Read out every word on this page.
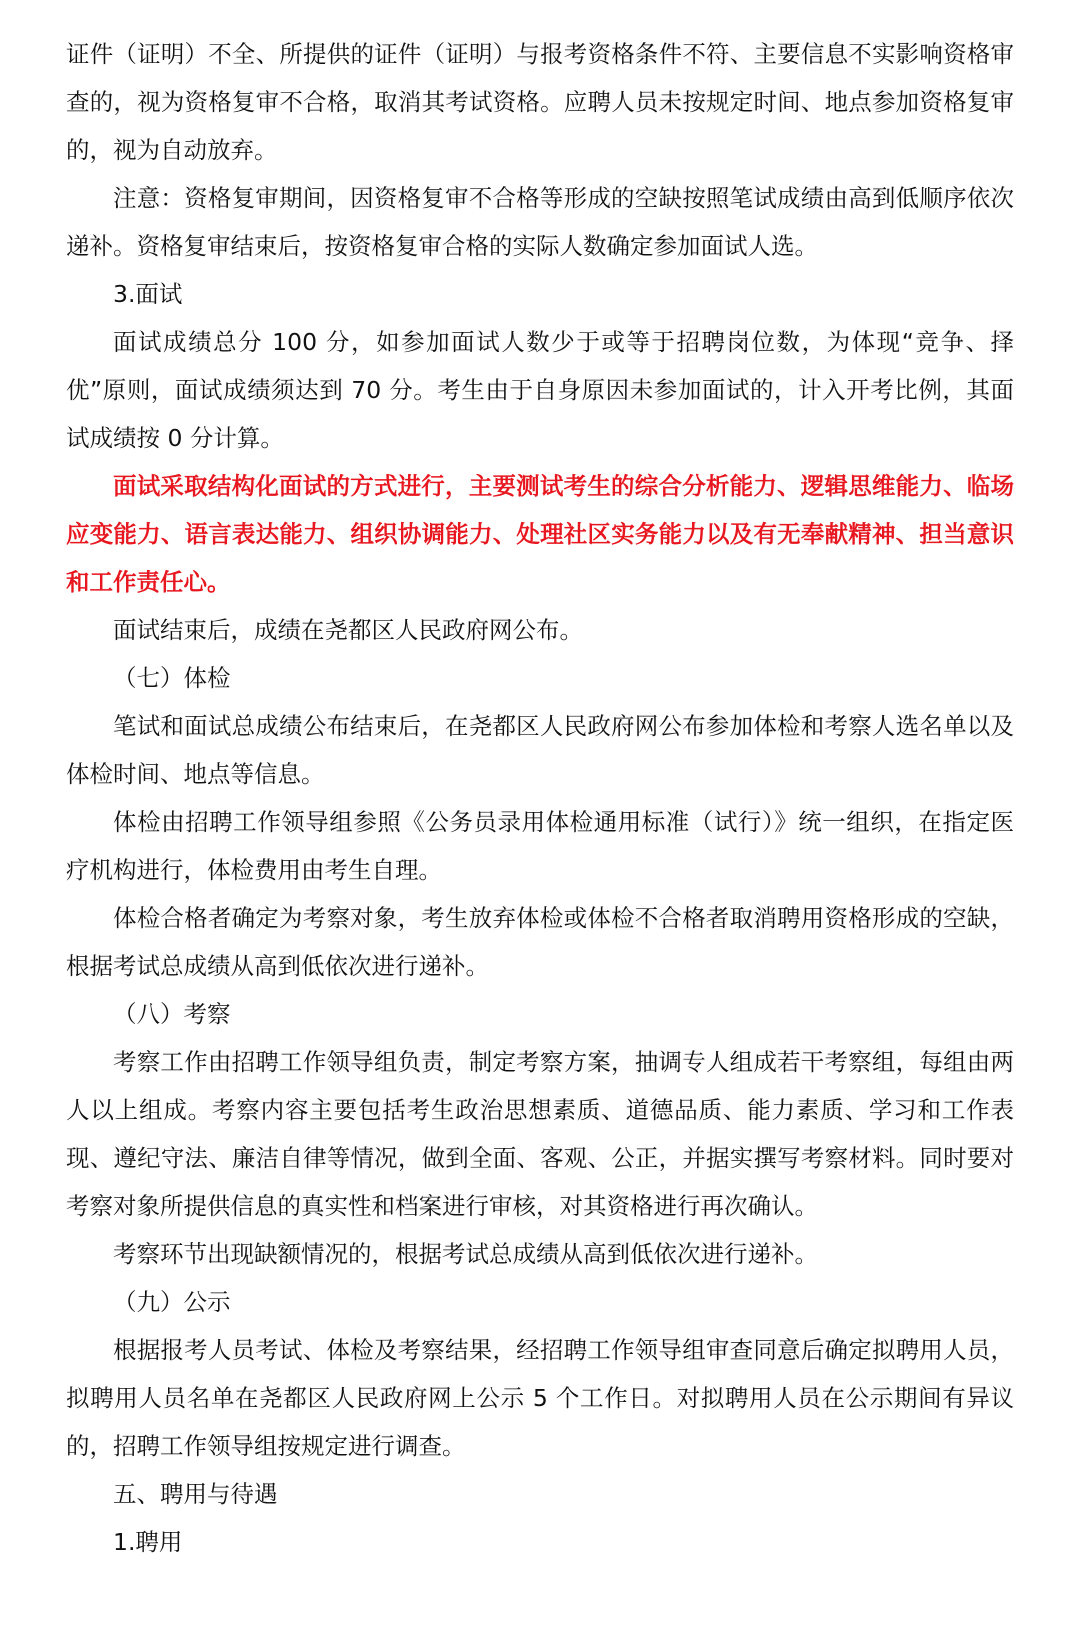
证件（证明）不全、所提供的证件（证明）与报考资格条件不符、主要信息不实影响资格审查的，视为资格复审不合格，取消其考试资格。应聘人员未按规定时间、地点参加资格复审的，视为自动放弃。

注意：资格复审期间，因资格复审不合格等形成的空缺按照笔试成绩由高到低顺序依次递补。资格复审结束后，按资格复审合格的实际人数确定参加面试人选。

3.面试

面试成绩总分 100 分，如参加面试人数少于或等于招聘岗位数，为体现“竞争、择优”原则，面试成绩须达到 70 分。考生由于自身原因未参加面试的，计入开考比例，其面试成绩按 0 分计算。

面试采取结构化面试的方式进行，主要测试考生的综合分析能力、逻辑思维能力、临场应变能力、语言表达能力、组织协调能力、处理社区实务能力以及有无奉献精神、担当意识和工作责任心。

面试结束后，成绩在尧都区人民政府网公布。

（七）体检

笔试和面试总成绩公布结束后，在尧都区人民政府网公布参加体检和考察人选名单以及体检时间、地点等信息。

体检由招聘工作领导组参照《公务员录用体检通用标准（试行）》统一组织，在指定医疗机构进行，体检费用由考生自理。

体检合格者确定为考察对象，考生放弃体检或体检不合格者取消聘用资格形成的空缺，根据考试总成绩从高到低依次进行递补。

（八）考察

考察工作由招聘工作领导组负责，制定考察方案，抽调专人组成若干考察组，每组由两人以上组成。考察内容主要包括考生政治思想素质、道德品质、能力素质、学习和工作表现、遵纪守法、廉洁自律等情况，做到全面、客观、公正，并据实撰写考察材料。同时要对考察对象所提供信息的真实性和档案进行审核，对其资格进行再次确认。

考察环节出现缺额情况的，根据考试总成绩从高到低依次进行递补。

（九）公示

根据报考人员考试、体检及考察结果，经招聘工作领导组审查同意后确定拟聘用人员，拟聘用人员名单在尧都区人民政府网上公示 5 个工作日。对拟聘用人员在公示期间有异议的，招聘工作领导组按规定进行调查。

五、聘用与待遇

1.聘用
